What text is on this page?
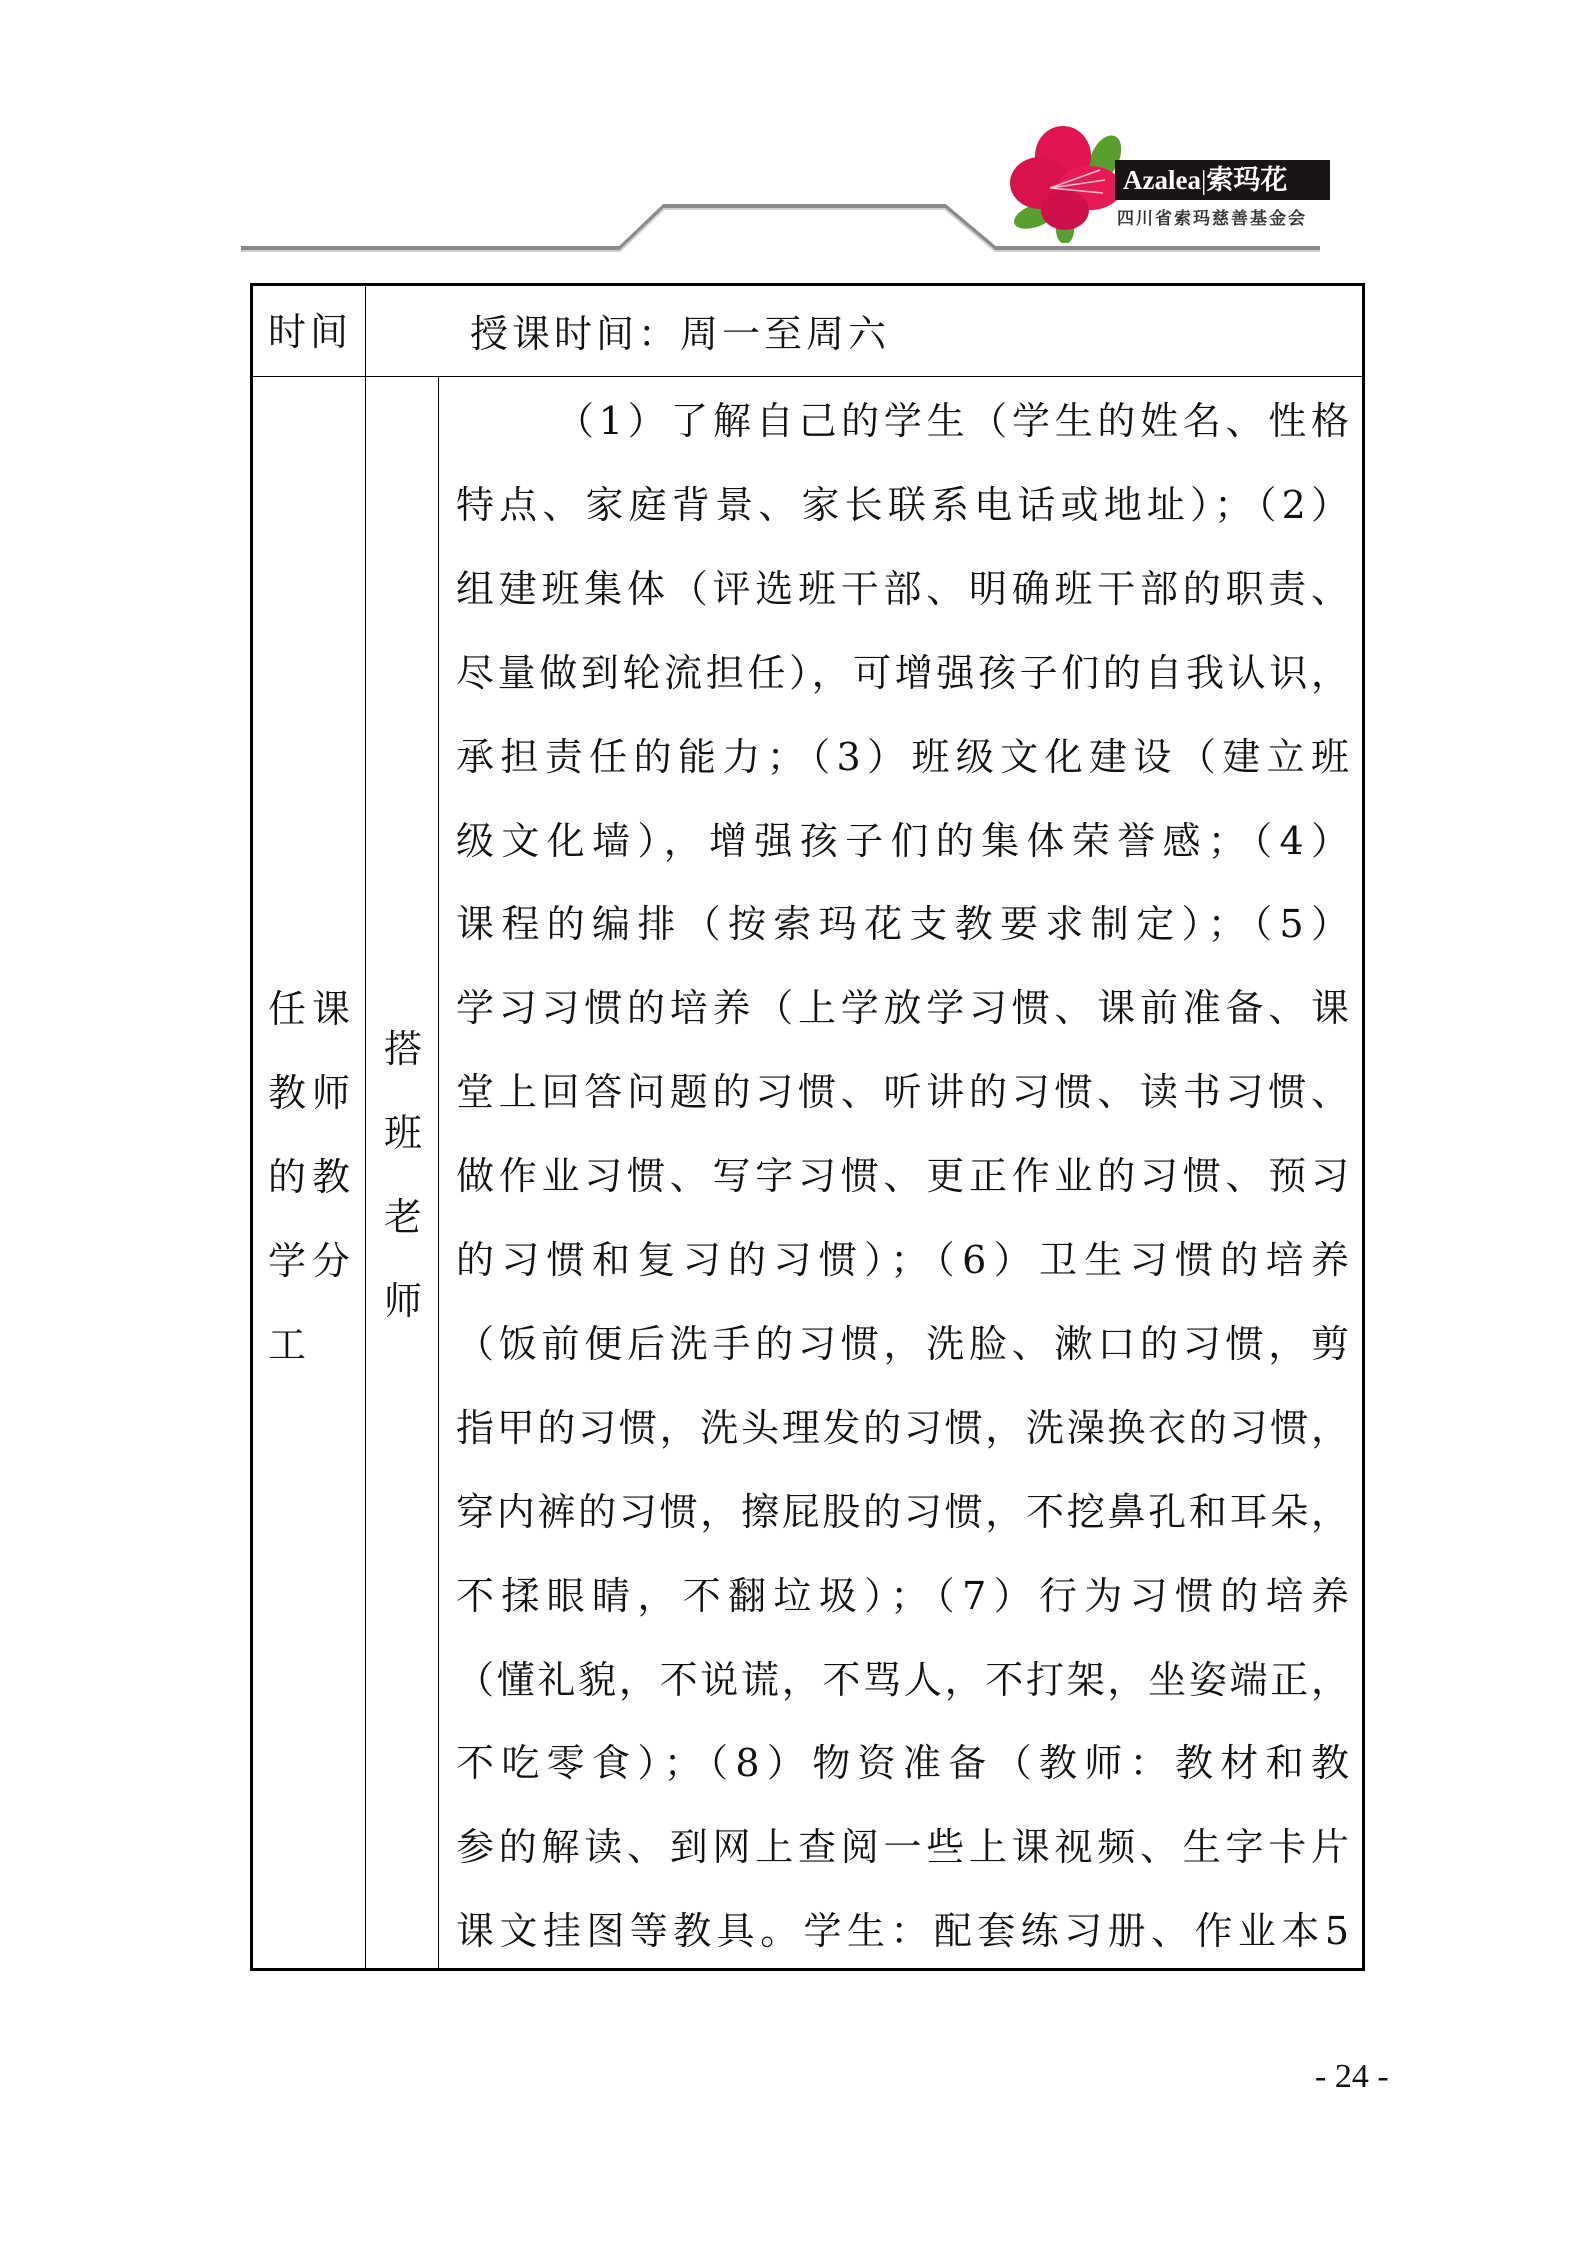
Azalea|索玛花
四川省索玛慈善基金会
时间	授课时间：周一至周六
任课
教师
的教
学分
工
搭
班
老
师
（1）了解自己的学生（学生的姓名、性格
特点、家庭背景、家长联系电话或地址）；（2）
组建班集体（评选班干部、明确班干部的职责、
尽量做到轮流担任），可增强孩子们的自我认识，
承担责任的能力；（3）班级文化建设（建立班
级文化墙），增强孩子们的集体荣誉感；（4）
课程的编排（按索玛花支教要求制定）；（5）
学习习惯的培养（上学放学习惯、课前准备、课
堂上回答问题的习惯、听讲的习惯、读书习惯、
做作业习惯、写字习惯、更正作业的习惯、预习
的习惯和复习的习惯）；（6）卫生习惯的培养
（饭前便后洗手的习惯，洗脸、漱口的习惯，剪
指甲的习惯，洗头理发的习惯，洗澡换衣的习惯，
穿内裤的习惯，擦屁股的习惯，不挖鼻孔和耳朵，
不揉眼睛，不翻垃圾）；（7）行为习惯的培养
（懂礼貌，不说谎，不骂人，不打架，坐姿端正，
不吃零食）；（8）物资准备（教师：教材和教
参的解读、到网上查阅一些上课视频、生字卡片
课文挂图等教具。学生：配套练习册、作业本5
- 24 -
